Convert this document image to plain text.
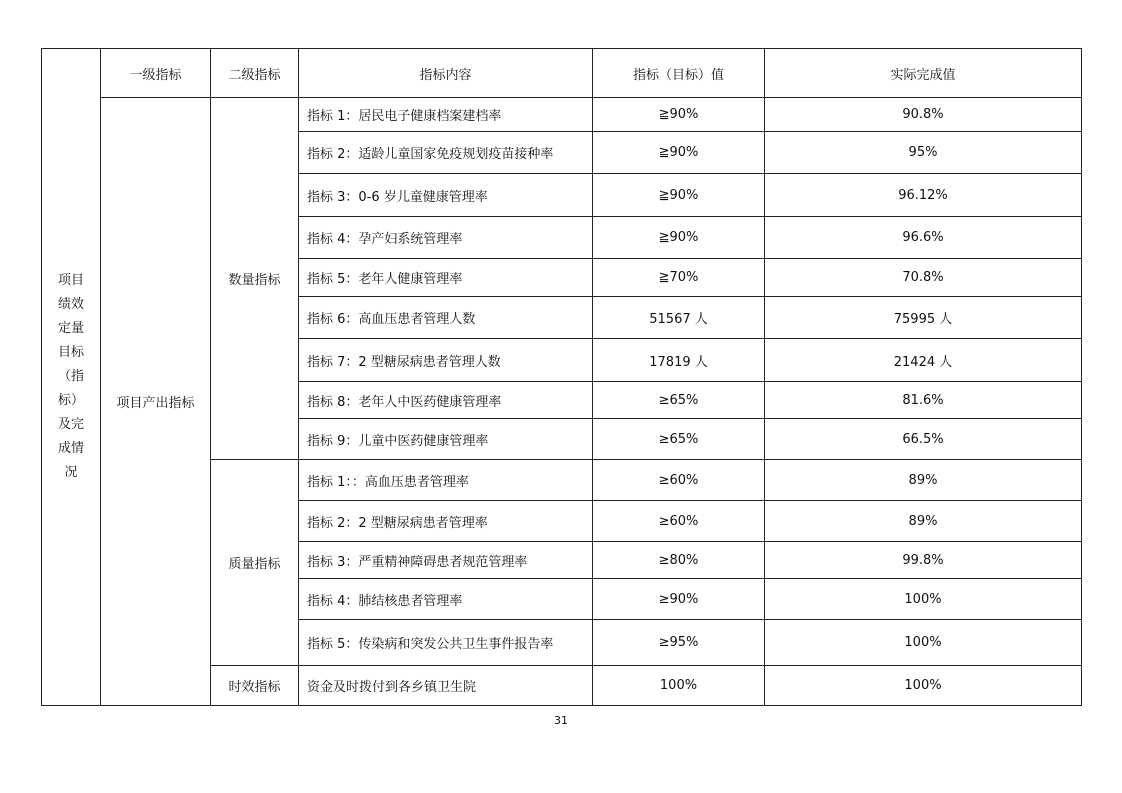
项目绩效定量目标（指标）及完成情况	一级指标	二级指标	指标内容	指标（目标）值	实际完成值
	项目产出指标	数量指标	指标 1：居民电子健康档案建档率	≧90%	90.8%
			指标 2：适龄儿童国家免疫规划疫苗接种率	≧90%	95%
			指标 3：0-6 岁儿童健康管理率	≧90%	96.12%
			指标 4：孕产妇系统管理率	≧90%	96.6%
			指标 5：老年人健康管理率	≧70%	70.8%
			指标 6：高血压患者管理人数	51567 人	75995 人
			指标 7：2 型糖尿病患者管理人数	17819 人	21424 人
			指标 8：老年人中医药健康管理率	≥65%	81.6%
			指标 9：儿童中医药健康管理率	≥65%	66.5%
		质量指标	指标 1：：高血压患者管理率	≥60%	89%
			指标 2：2 型糖尿病患者管理率	≥60%	89%
			指标 3：严重精神障碍患者规范管理率	≥80%	99.8%
			指标 4：肺结核患者管理率	≥90%	100%
			指标 5：传染病和突发公共卫生事件报告率	≥95%	100%
		时效指标	资金及时拨付到各乡镇卫生院	100%	100%
31
